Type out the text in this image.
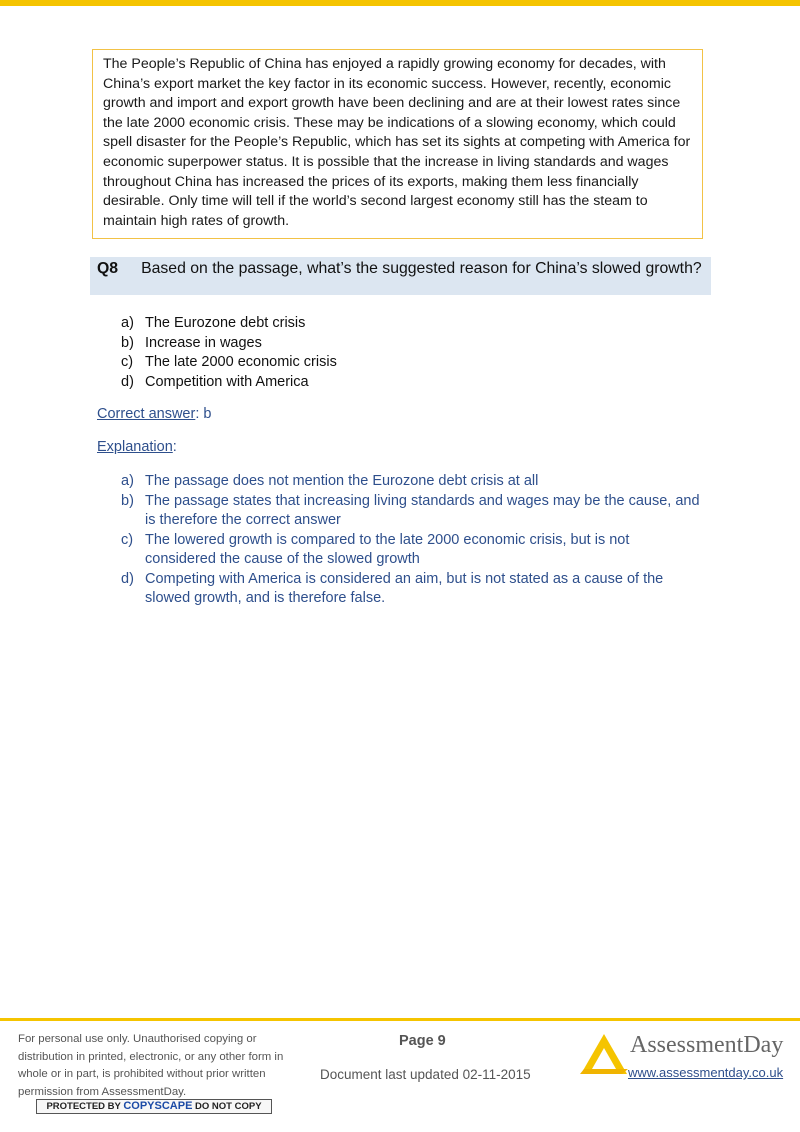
The People’s Republic of China has enjoyed a rapidly growing economy for decades, with China’s export market the key factor in its economic success. However, recently, economic growth and import and export growth have been declining and are at their lowest rates since the late 2000 economic crisis. These may be indications of a slowing economy, which could spell disaster for the People’s Republic, which has set its sights at competing with America for economic superpower status. It is possible that the increase in living standards and wages throughout China has increased the prices of its exports, making them less financially desirable. Only time will tell if the world’s second largest economy still has the steam to maintain high rates of growth.

Q8 Based on the passage, what’s the suggested reason for China’s slowed growth?
a) The Eurozone debt crisis
b) Increase in wages
c) The late 2000 economic crisis
d) Competition with America
Correct answer: b
Explanation:
a) The passage does not mention the Eurozone debt crisis at all
b) The passage states that increasing living standards and wages may be the cause, and is therefore the correct answer
c) The lowered growth is compared to the late 2000 economic crisis, but is not considered the cause of the slowed growth
d) Competing with America is considered an aim, but is not stated as a cause of the slowed growth, and is therefore false.
For personal use only. Unauthorised copying or distribution in printed, electronic, or any other form in whole or in part, is prohibited without prior written permission from AssessmentDay.
PROTECTED BY COPYSCAPE DO NOT COPY
Page 9
Document last updated 02-11-2015
AssessmentDay
www.assessmentday.co.uk
